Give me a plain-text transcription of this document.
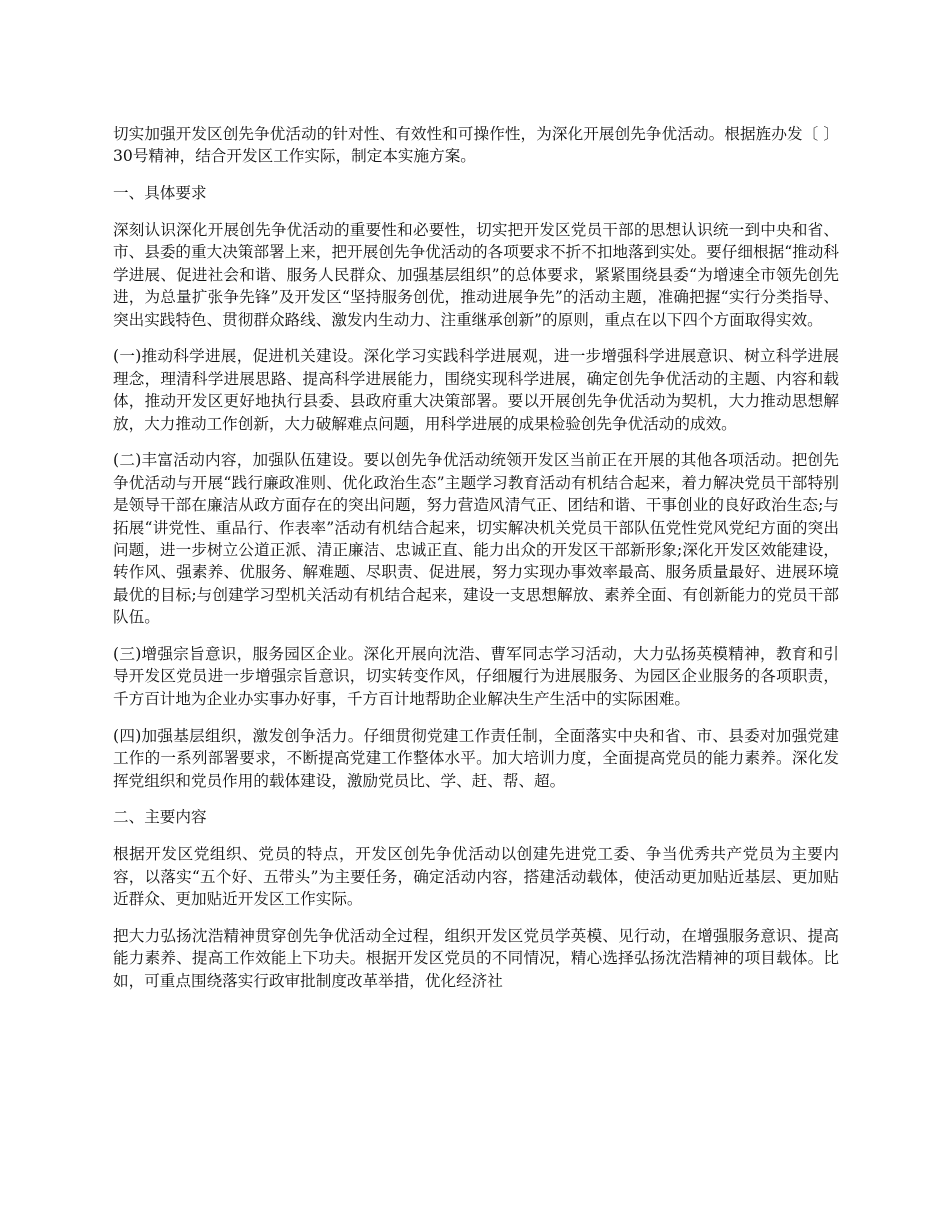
切实加强开发区创先争优活动的针对性、有效性和可操作性，为深化开展创先争优活动。根据旌办发〔 〕30号精神，结合开发区工作实际，制定本实施方案。

一、具体要求

深刻认识深化开展创先争优活动的重要性和必要性，切实把开发区党员干部的思想认识统一到中央和省、市、县委的重大决策部署上来，把开展创先争优活动的各项要求不折不扣地落到实处。要仔细根据“推动科学进展、促进社会和谐、服务人民群众、加强基层组织”的总体要求，紧紧围绕县委“为增速全市领先创先进，为总量扩张争先锋”及开发区“坚持服务创优，推动进展争先”的活动主题，准确把握“实行分类指导、突出实践特色、贯彻群众路线、激发内生动力、注重继承创新”的原则，重点在以下四个方面取得实效。

(一)推动科学进展，促进机关建设。深化学习实践科学进展观，进一步增强科学进展意识、树立科学进展理念，理清科学进展思路、提高科学进展能力，围绕实现科学进展，确定创先争优活动的主题、内容和载体，推动开发区更好地执行县委、县政府重大决策部署。要以开展创先争优活动为契机，大力推动思想解放，大力推动工作创新，大力破解难点问题，用科学进展的成果检验创先争优活动的成效。

(二)丰富活动内容，加强队伍建设。要以创先争优活动统领开发区当前正在开展的其他各项活动。把创先争优活动与开展“践行廉政准则、优化政治生态”主题学习教育活动有机结合起来，着力解决党员干部特别是领导干部在廉洁从政方面存在的突出问题，努力营造风清气正、团结和谐、干事创业的良好政治生态;与拓展“讲党性、重品行、作表率”活动有机结合起来，切实解决机关党员干部队伍党性党风党纪方面的突出问题，进一步树立公道正派、清正廉洁、忠诚正直、能力出众的开发区干部新形象;深化开发区效能建设，转作风、强素养、优服务、解难题、尽职责、促进展，努力实现办事效率最高、服务质量最好、进展环境最优的目标;与创建学习型机关活动有机结合起来，建设一支思想解放、素养全面、有创新能力的党员干部队伍。

(三)增强宗旨意识，服务园区企业。深化开展向沈浩、曹军同志学习活动，大力弘扬英模精神，教育和引导开发区党员进一步增强宗旨意识，切实转变作风，仔细履行为进展服务、为园区企业服务的各项职责，千方百计地为企业办实事办好事，千方百计地帮助企业解决生产生活中的实际困难。

(四)加强基层组织，激发创争活力。仔细贯彻党建工作责任制，全面落实中央和省、市、县委对加强党建工作的一系列部署要求，不断提高党建工作整体水平。加大培训力度，全面提高党员的能力素养。深化发挥党组织和党员作用的载体建设，激励党员比、学、赶、帮、超。

二、主要内容

根据开发区党组织、党员的特点，开发区创先争优活动以创建先进党工委、争当优秀共产党员为主要内容，以落实“五个好、五带头”为主要任务，确定活动内容，搭建活动载体，使活动更加贴近基层、更加贴近群众、更加贴近开发区工作实际。

把大力弘扬沈浩精神贯穿创先争优活动全过程，组织开发区党员学英模、见行动，在增强服务意识、提高能力素养、提高工作效能上下功夫。根据开发区党员的不同情况，精心选择弘扬沈浩精神的项目载体。比如，可重点围绕落实行政审批制度改革举措，优化经济社
